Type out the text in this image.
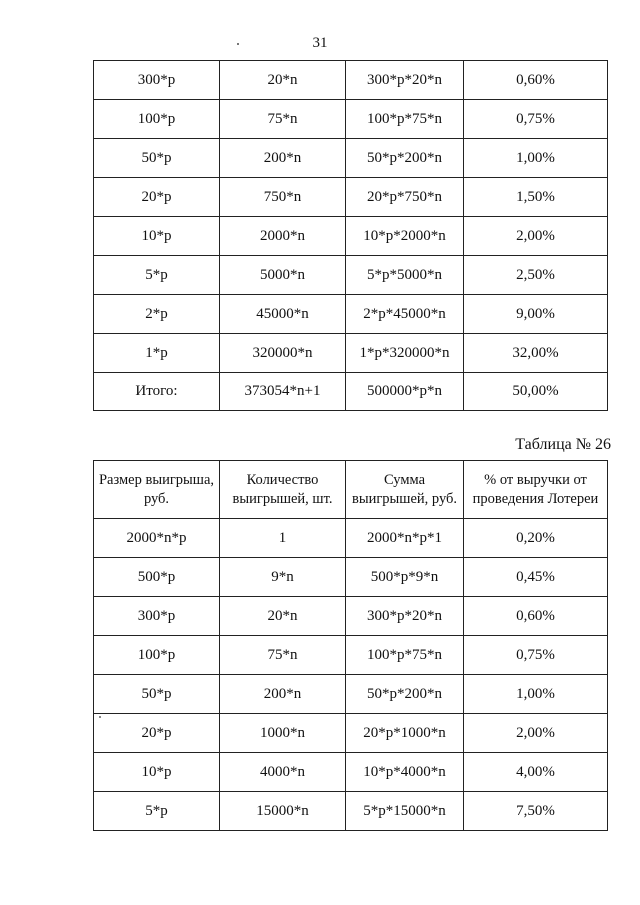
31
300*р	20*n	300*р*20*n	0,60%
100*р	75*n	100*р*75*n	0,75%
50*р	200*n	50*р*200*n	1,00%
20*р	750*n	20*р*750*n	1,50%
10*р	2000*n	10*р*2000*n	2,00%
5*р	5000*n	5*р*5000*n	2,50%
2*р	45000*n	2*р*45000*n	9,00%
1*р	320000*n	1*р*320000*n	32,00%
Итого:	373054*n+1	500000*р*n	50,00%
Таблица № 26
Размер выигрыша, руб.	Количество выигрышей, шт.	Сумма выигрышей, руб.	% от выручки от проведения Лотереи
2000*n*р	1	2000*n*р*1	0,20%
500*р	9*n	500*р*9*n	0,45%
300*р	20*n	300*р*20*n	0,60%
100*р	75*n	100*р*75*n	0,75%
50*р	200*n	50*р*200*n	1,00%
20*р	1000*n	20*р*1000*n	2,00%
10*р	4000*n	10*р*4000*n	4,00%
5*р	15000*n	5*р*15000*n	7,50%
